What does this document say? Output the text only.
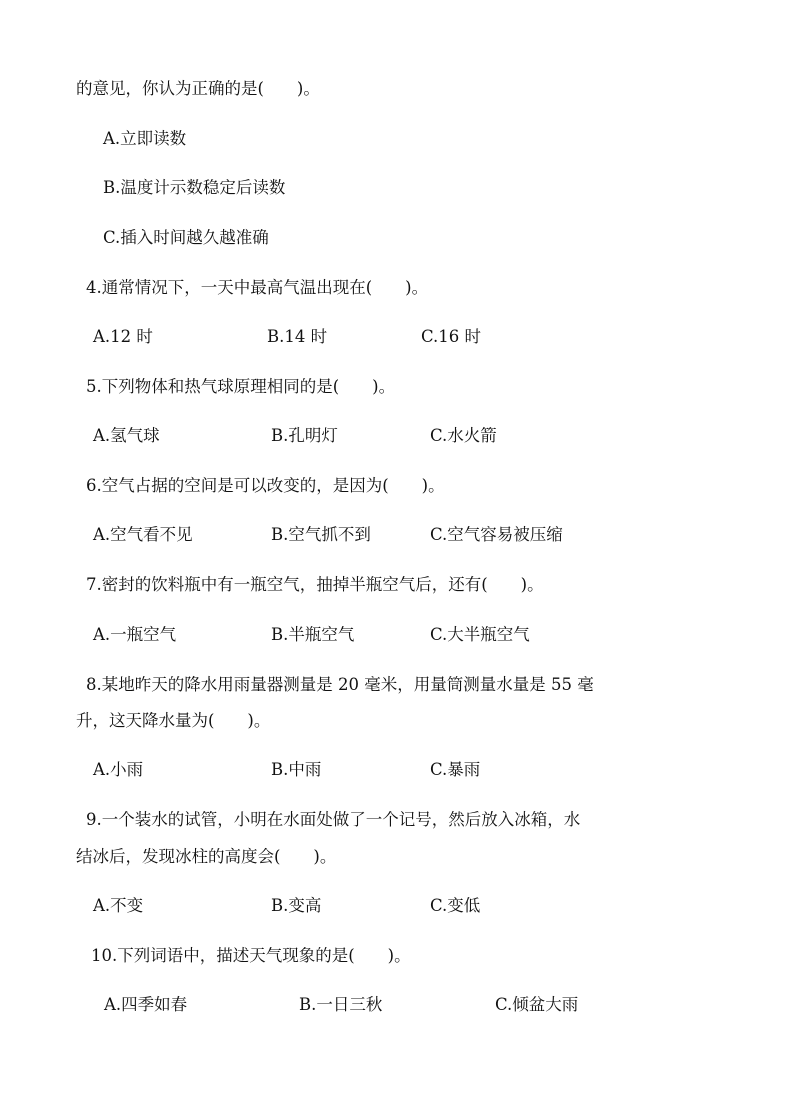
的意见，你认为正确的是(　　)。
A.立即读数
B.温度计示数稳定后读数
C.插入时间越久越准确
4.通常情况下，一天中最高气温出现在(　　)。
A.12 时	B.14 时	C.16 时
5.下列物体和热气球原理相同的是(　　)。
A.氢气球	B.孔明灯	C.水火箭
6.空气占据的空间是可以改变的，是因为(　　)。
A.空气看不见	B.空气抓不到	C.空气容易被压缩
7.密封的饮料瓶中有一瓶空气，抽掉半瓶空气后，还有(　　)。
A.一瓶空气	B.半瓶空气	C.大半瓶空气
8.某地昨天的降水用雨量器测量是 20 毫米，用量筒测量水量是 55 毫
升，这天降水量为(　　)。
A.小雨	B.中雨	C.暴雨
9.一个装水的试管，小明在水面处做了一个记号，然后放入冰箱，水
结冰后，发现冰柱的高度会(　　)。
A.不变	B.变高	C.变低
10.下列词语中，描述天气现象的是(　　)。
A.四季如春	B.一日三秋	C.倾盆大雨
